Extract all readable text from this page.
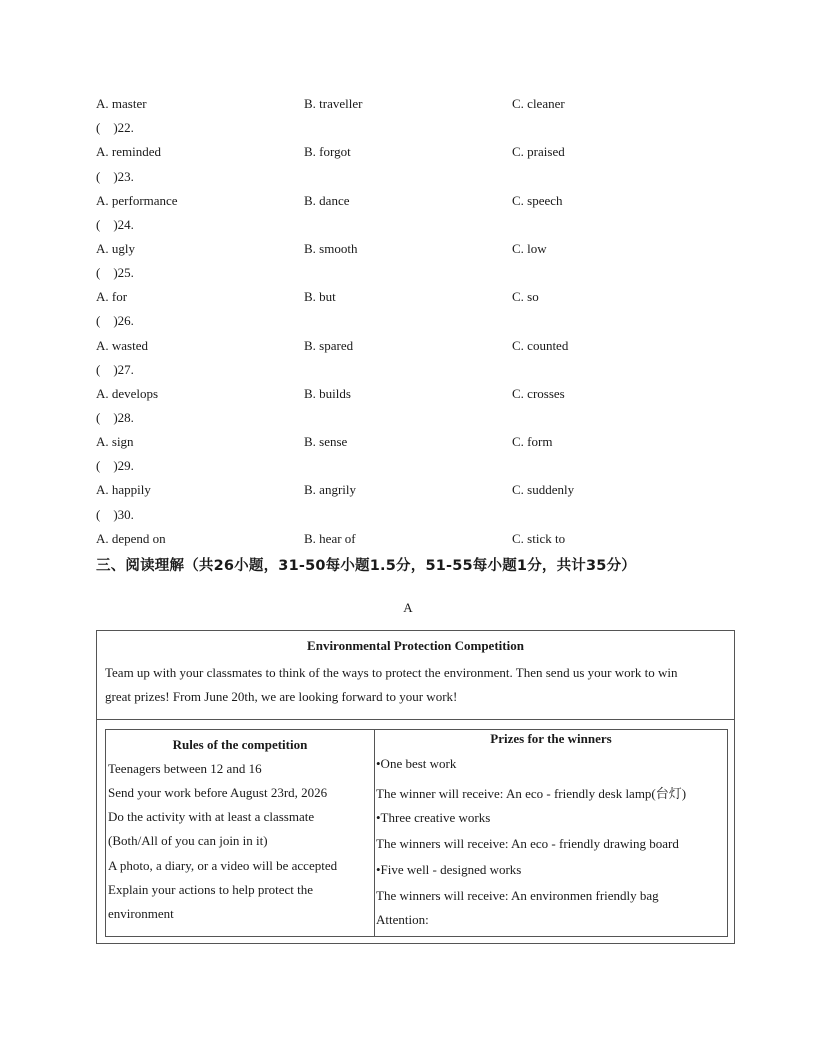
A. master	B. traveller	C. cleaner
(    )22.
A. reminded	B. forgot	C. praised
(    )23.
A. performance	B. dance	C. speech
(    )24.
A. ugly	B. smooth	C. low
(    )25.
A. for	B. but	C. so
(    )26.
A. wasted	B. spared	C. counted
(    )27.
A. develops	B. builds	C. crosses
(    )28.
A. sign	B. sense	C. form
(    )29.
A. happily	B. angrily	C. suddenly
(    )30.
A. depend on	B. hear of	C. stick to
三、阅读理解（共26小题，31-50每小题1.5分，51-55每小题1分，共计35分）
A
Environmental Protection Competition
Team up with your classmates to think of the ways to protect the environment. Then send us your work to win
great prizes! From June 20th, we are looking forward to your work!
Rules of the competition
Teenagers between 12 and 16
Send your work before August 23rd, 2026
Do the activity with at least a classmate
(Both/All of you can join in it)
A photo, a diary, or a video will be accepted
Explain your actions to help protect the
environment
Prizes for the winners
•One best work
The winner will receive: An eco - friendly desk lamp(台灯)
•Three creative works
The winners will receive: An eco - friendly drawing board
•Five well - designed works
The winners will receive: An environmen friendly bag
Attention:
